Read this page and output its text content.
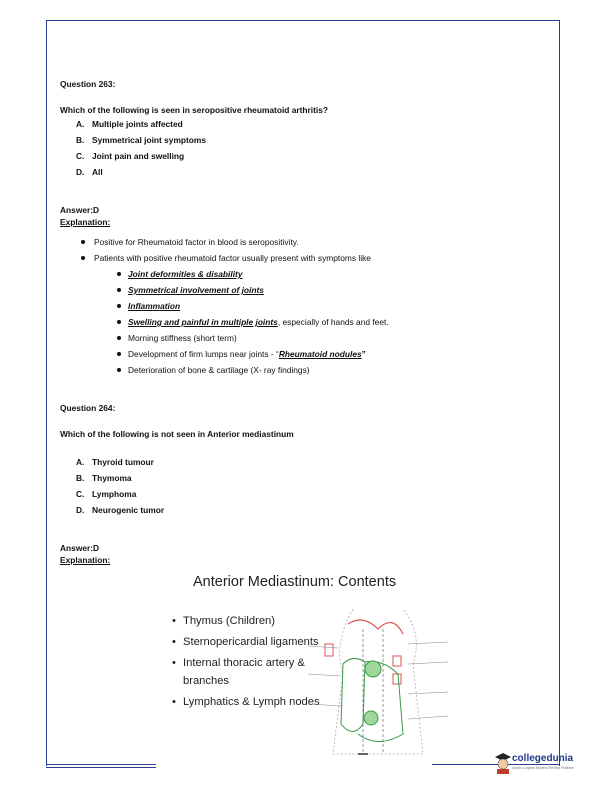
Question 263:

Which of the following is seen in seropositive rheumatoid arthritis?

A. Multiple joints affected
B. Symmetrical joint symptoms
C. Joint pain and swelling
D. All

Answer:D

Explanation:

Positive for Rheumatoid factor in blood is seropositivity.
Patients with positive rheumatoid factor usually present with symptoms like
Joint deformities & disability
Symmetrical involvement of joints
Inflammation
Swelling and painful in multiple joints, especially of hands and feet.
Morning stiffness (short term)
Development of firm lumps near joints - “Rheumatoid nodules”
Deterioration of bone & cartilage (X- ray findings)

Question 264:

Which of the following is not seen in Anterior mediastinum

A. Thyroid tumour
B. Thymoma
C. Lymphoma
D. Neurogenic tumor

Answer:D

Explanation:

Anterior Mediastinum: Contents
• Thymus (Children)
• Sternopericardial ligaments
• Internal thoracic artery & branches
• Lymphatics & Lymph nodes
collegedunia
India's Largest Student Review Platform
